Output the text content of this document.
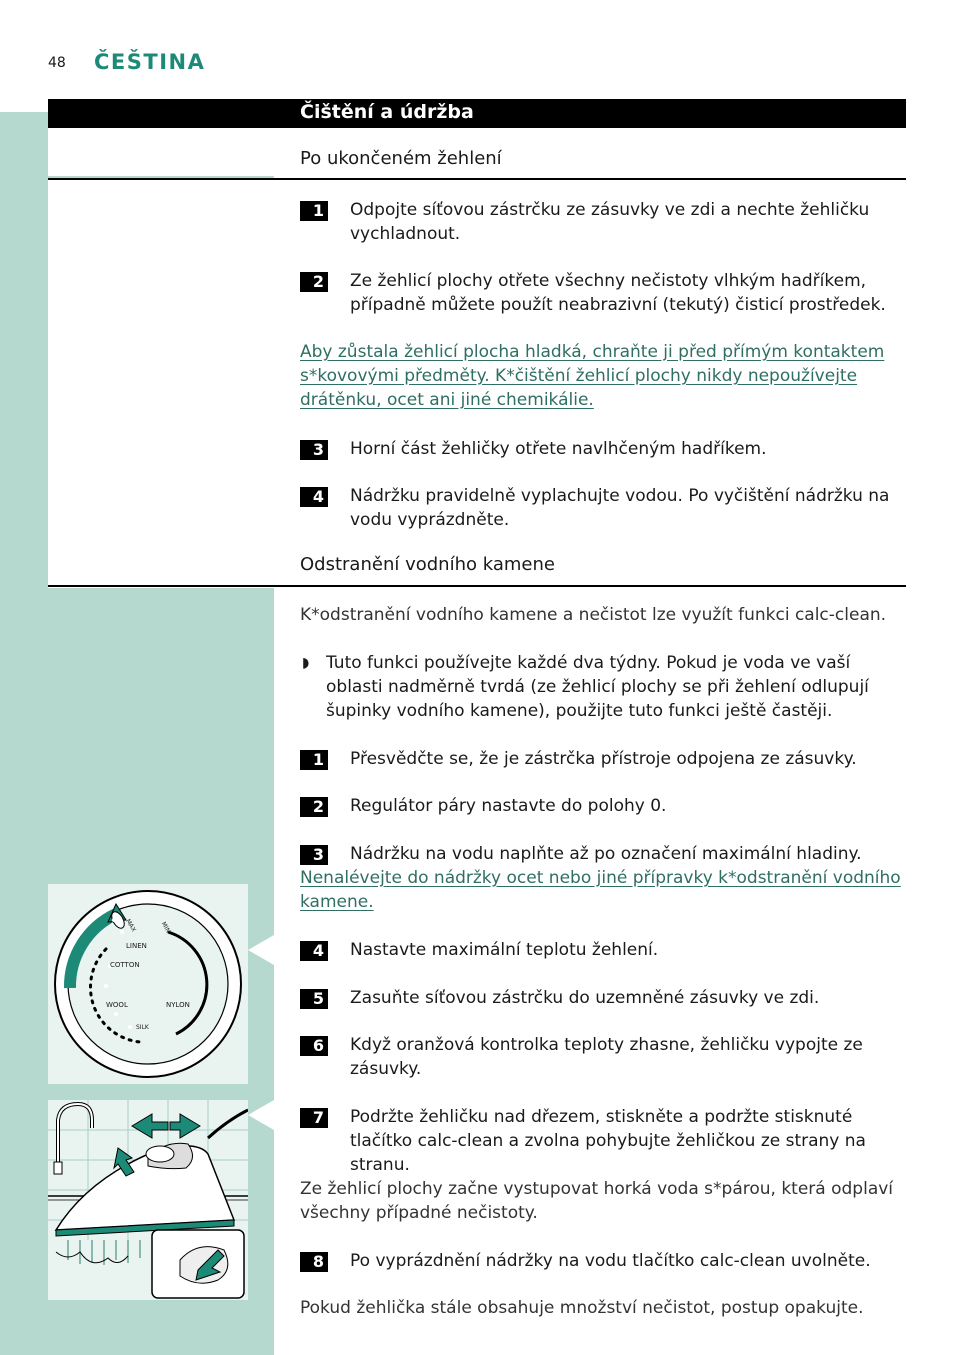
48 ČEŠTINA
Čištění a údržba
Po ukončeném žehlení
1 Odpojte síťovou zástrčku ze zásuvky ve zdi a nechte žehličku vychladnout.
2 Ze žehlicí plochy otřete všechny nečistoty vlhkým hadříkem, případně můžete použít neabrazivní (tekutý) čisticí prostředek.
Aby zůstala žehlicí plocha hladká, chraňte ji před přímým kontaktem s*kovovými předměty. K*čištění žehlicí plochy nikdy nepoužívejte drátěnku, ocet ani jiné chemikálie.
3 Horní část žehličky otřete navlhčeným hadříkem.
4 Nádržku pravidelně vyplachujte vodou. Po vyčištění nádržku na vodu vyprázdněte.
Odstranění vodního kamene
K*odstranění vodního kamene a nečistot lze využít funkci calc-clean.
◗ Tuto funkci používejte každé dva týdny. Pokud je voda ve vaší oblasti nadměrně tvrdá (ze žehlicí plochy se při žehlení odlupují šupinky vodního kamene), použijte tuto funkci ještě častěji.
1 Přesvědčte se, že je zástrčka přístroje odpojena ze zásuvky.
2 Regulátor páry nastavte do polohy 0.
3 Nádržku na vodu naplňte až po označení maximální hladiny.
Nenalévejte do nádržky ocet nebo jiné přípravky k*odstranění vodního kamene.
4 Nastavte maximální teplotu žehlení.
5 Zasuňte síťovou zástrčku do uzemněné zásuvky ve zdi.
6 Když oranžová kontrolka teploty zhasne, žehličku vypojte ze zásuvky.
7 Podržte žehličku nad dřezem, stiskněte a podržte stisknuté tlačítko calc-clean a zvolna pohybujte žehličkou ze strany na stranu.
Ze žehlicí plochy začne vystupovat horká voda s*párou, která odplaví všechny případné nečistoty.
8 Po vyprázdnění nádržky na vodu tlačítko calc-clean uvolněte.
Pokud žehlička stále obsahuje množství nečistot, postup opakujte.
MAX	MIN
LINEN
COTTON
WOOL	NYLON
SILK
